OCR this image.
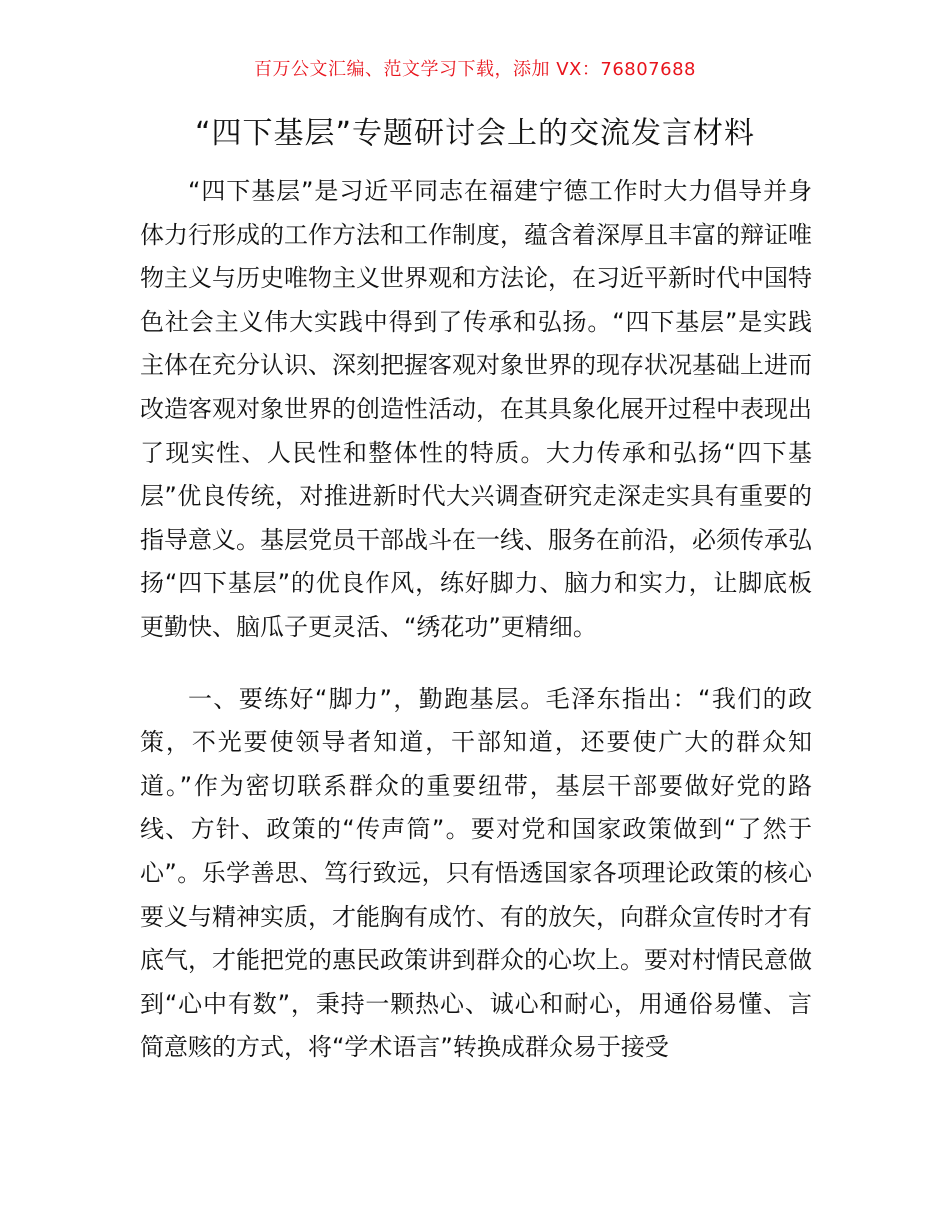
百万公文汇编、范文学习下载，添加 VX：76807688
“四下基层”专题研讨会上的交流发言材料

“四下基层”是习近平同志在福建宁德工作时大力倡导并身体力行形成的工作方法和工作制度，蕴含着深厚且丰富的辩证唯物主义与历史唯物主义世界观和方法论，在习近平新时代中国特色社会主义伟大实践中得到了传承和弘扬。“四下基层”是实践主体在充分认识、深刻把握客观对象世界的现存状况基础上进而改造客观对象世界的创造性活动，在其具象化展开过程中表现出了现实性、人民性和整体性的特质。大力传承和弘扬“四下基层”优良传统，对推进新时代大兴调查研究走深走实具有重要的指导意义。基层党员干部战斗在一线、服务在前沿，必须传承弘扬“四下基层”的优良作风，练好脚力、脑力和实力，让脚底板更勤快、脑瓜子更灵活、“绣花功”更精细。

一、要练好“脚力”，勤跑基层。毛泽东指出：“我们的政策，不光要使领导者知道，干部知道，还要使广大的群众知道。”作为密切联系群众的重要纽带，基层干部要做好党的路线、方针、政策的“传声筒”。要对党和国家政策做到“了然于心”。乐学善思、笃行致远，只有悟透国家各项理论政策的核心要义与精神实质，才能胸有成竹、有的放矢，向群众宣传时才有底气，才能把党的惠民政策讲到群众的心坎上。要对村情民意做到“心中有数”，秉持一颗热心、诚心和耐心，用通俗易懂、言简意赅的方式，将“学术语言”转换成群众易于接受
